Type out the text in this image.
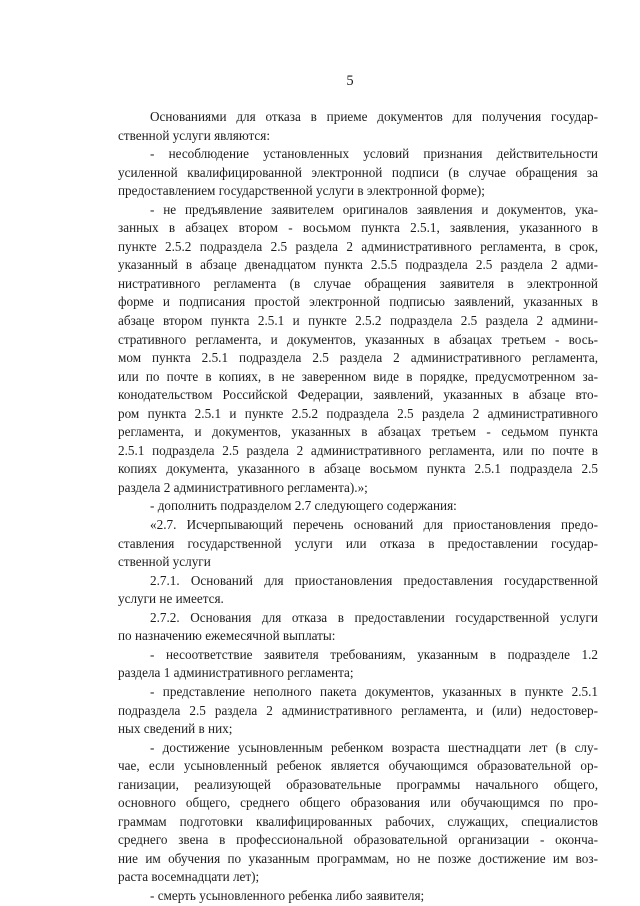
5
Основаниями для отказа в приеме документов для получения государ-
ственной услуги являются:
- несоблюдение установленных условий признания действительности
усиленной квалифицированной электронной подписи (в случае обращения за
предоставлением государственной услуги в электронной форме);
- не предъявление заявителем оригиналов заявления и документов, ука-
занных в абзацех втором - восьмом пункта 2.5.1, заявления, указанного в
пункте 2.5.2 подраздела 2.5 раздела 2 административного регламента, в срок,
указанный в абзаце двенадцатом пункта 2.5.5 подраздела 2.5 раздела 2 адми-
нистративного регламента (в случае обращения заявителя в электронной
форме и подписания простой электронной подписью заявлений, указанных в
абзаце втором пункта 2.5.1 и пункте 2.5.2 подраздела 2.5 раздела 2 админи-
стративного регламента, и документов, указанных в абзацах третьем - вось-
мом пункта 2.5.1 подраздела 2.5 раздела 2 административного регламента,
или по почте в копиях, в не заверенном виде в порядке, предусмотренном за-
конодательством Российской Федерации, заявлений, указанных в абзаце вто-
ром пункта 2.5.1 и пункте 2.5.2 подраздела 2.5 раздела 2 административного
регламента, и документов, указанных в абзацах третьем - седьмом пункта
2.5.1 подраздела 2.5 раздела 2 административного регламента, или по почте в
копиях документа, указанного в абзаце восьмом пункта 2.5.1 подраздела 2.5
раздела 2 административного регламента).»;
- дополнить подразделом 2.7 следующего содержания:
«2.7. Исчерпывающий перечень оснований для приостановления предо-
ставления государственной услуги или отказа в предоставлении государ-
ственной услуги
2.7.1. Оснований для приостановления предоставления государственной
услуги не имеется.
2.7.2. Основания для отказа в предоставлении государственной услуги
по назначению ежемесячной выплаты:
- несоответствие заявителя требованиям, указанным в подразделе 1.2
раздела 1 административного регламента;
- представление неполного пакета документов, указанных в пункте 2.5.1
подраздела 2.5 раздела 2 административного регламента, и (или) недостовер-
ных сведений в них;
- достижение усыновленным ребенком возраста шестнадцати лет (в слу-
чае, если усыновленный ребенок является обучающимся образовательной ор-
ганизации, реализующей образовательные программы начального общего,
основного общего, среднего общего образования или обучающимся по про-
граммам подготовки квалифицированных рабочих, служащих, специалистов
среднего звена в профессиональной образовательной организации - оконча-
ние им обучения по указанным программам, но не позже достижение им воз-
раста восемнадцати лет);
- смерть усыновленного ребенка либо заявителя;
